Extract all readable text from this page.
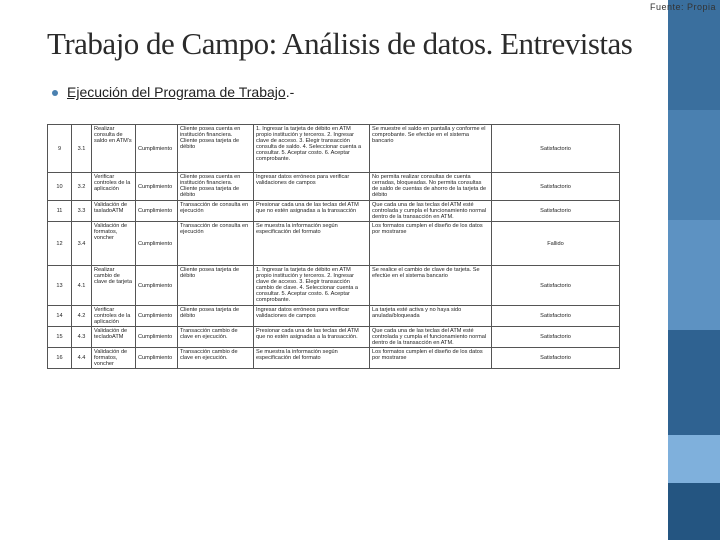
Fuente: Propia
Trabajo de Campo: Análisis de datos. Entrevistas
Ejecución del Programa de Trabajo.-
9	3.1	Realizar consulta de saldo en ATM's	Cumplimiento	Cliente posea cuenta en institución financiera. Cliente posea tarjeta de débito	1. Ingresar la tarjeta de débito en ATM propio institución y terceros. 2. Ingresar clave de acceso. 3. Elegir transacción consulta de saldo. 4. Seleccionar cuenta a consultar. 5. Aceptar costo. 6. Aceptar comprobante.	Se muestre el saldo en pantalla y conforme el comprobante. Se efectúe en el sistema bancario	Satisfactorio
10	3.2	Verificar controles de la aplicación	Cumplimiento	Cliente posea cuenta en institución financiera. Cliente posea tarjeta de débito	Ingresar datos erróneos para verificar validaciones de campos	No permita realizar consultas de cuenta cerradas, bloqueadas. No permita consultas de saldo de cuentas de ahorro de la tarjeta de débito	Satisfactorio
11	3.3	Validación de tasladoATM	Cumplimiento	Transacción de consulta en ejecución	Presionar cada una de las teclas del ATM que no estén asignadas a la transacción	Que cada una de las teclas del ATM esté controlada y cumpla el funcionamiento normal dentro de la transacción en ATM.	Satisfactorio
12	3.4	Validación de formatos, voncher	Cumplimiento	Transacción de consulta en ejecución	Se muestra la información según especificación del formato	Los formatos cumplen el diseño de los datos por mostrarse	Fallido
13	4.1	Realizar cambio de clave de tarjeta	Cumplimiento	Cliente posea tarjeta de débito	1. Ingresar la tarjeta de débito en ATM propio institución y terceros. 2. Ingresar clave de acceso. 3. Elegir transacción cambio de clave. 4. Seleccionar cuenta a consultar. 5. Aceptar costo. 6. Aceptar comprobante.	Se realice el cambio de clave de tarjeta. Se efectúe en el sistema bancario	Satisfactorio
14	4.2	Verificar controles de la aplicación	Cumplimiento	Cliente posea tarjeta de débito	Ingresar datos erróneos para verificar validaciones de campos	La tarjeta esté activa y no haya sido anulada/bloqueada	Satisfactorio
15	4.3	Validación de tecladoATM	Cumplimiento	Transacción cambio de clave en ejecución.	Presionar cada una de las teclas del ATM que no estén asignadas a la transacción.	Que cada una de las teclas del ATM esté controlada y cumpla el funcionamiento normal dentro de la transacción en ATM.	Satisfactorio
16	4.4	Validación de formatos, voncher	Cumplimiento	Transacción cambio de clave en ejecución.	Se muestra la información según especificación del formato	Los formatos cumplen el diseño de los datos por mostrarse	Satisfactorio
